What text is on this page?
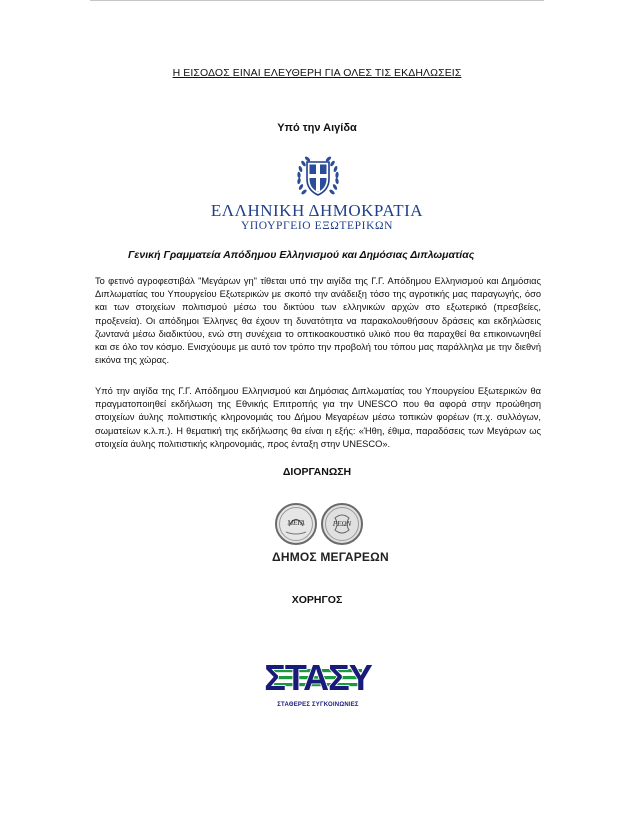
Η ΕΙΣΟΔΟΣ ΕΙΝΑΙ ΕΛΕΥΘΕΡΗ ΓΙΑ ΟΛΕΣ ΤΙΣ ΕΚΔΗΛΩΣΕΙΣ
Υπό την Αιγίδα
ΕΛΛΗΝΙΚΗ ΔΗΜΟΚΡΑΤΙΑ
ΥΠΟΥΡΓΕΙΟ ΕΞΩΤΕΡΙΚΩΝ
Γενική Γραμματεία Απόδημου Ελληνισμού και Δημόσιας Διπλωματίας

Το φετινό αγροφεστιβάλ "Μεγάρων γη" τίθεται υπό την αιγίδα της Γ.Γ. Απόδημου Ελληνισμού και Δημόσιας Διπλωματίας του Υπουργείου Εξωτερικών με σκοπό την ανάδειξη τόσο της αγροτικής μας παραγωγής, όσο και των στοιχείων πολιτισμού μέσω του δικτύου των ελληνικών αρχών στο εξωτερικό (πρεσβείες, προξενεία). Οι απόδημοι Έλληνες θα έχουν τη δυνατότητα να παρακολουθήσουν δράσεις και εκδηλώσεις ζωντανά μέσω διαδικτύου, ενώ στη συνέχεια το οπτικοακουστικό υλικό που θα παραχθεί θα επικοινωνηθεί και σε όλο τον κόσμο. Ενισχύουμε με αυτό τον τρόπο την προβολή του τόπου μας παράλληλα με την διεθνή εικόνα της χώρας.

Υπό την αιγίδα της Γ.Γ. Απόδημου Ελληνισμού και Δημόσιας Διπλωματίας του Υπουργείου Εξωτερικών θα πραγματοποιηθεί εκδήλωση της Εθνικής Επιτροπής για την UNESCO που θα αφορά στην προώθηση στοιχείων άυλης πολιτιστικής κληρονομιάς του Δήμου Μεγαρέων μέσω τοπικών φορέων (π.χ. συλλόγων, σωματείων κ.λ.π.). Η θεματική της εκδήλωσης θα είναι η εξής: «Ήθη, έθιμα, παραδόσεις των Μεγάρων ως στοιχεία άυλης πολιτιστικής κληρονομιάς, προς ένταξη στην UNESCO».

ΔΙΟΡΓΑΝΩΣΗ
ΜΕΓΑ	ΡΕΩΝ
ΔΗΜΟΣ ΜΕΓΑΡΕΩΝ
ΧΟΡΗΓΟΣ
ΣΤΑΣΥ
ΣΤΑΘΕΡΕΣ ΣΥΓΚΟΙΝΩΝΙΕΣ
